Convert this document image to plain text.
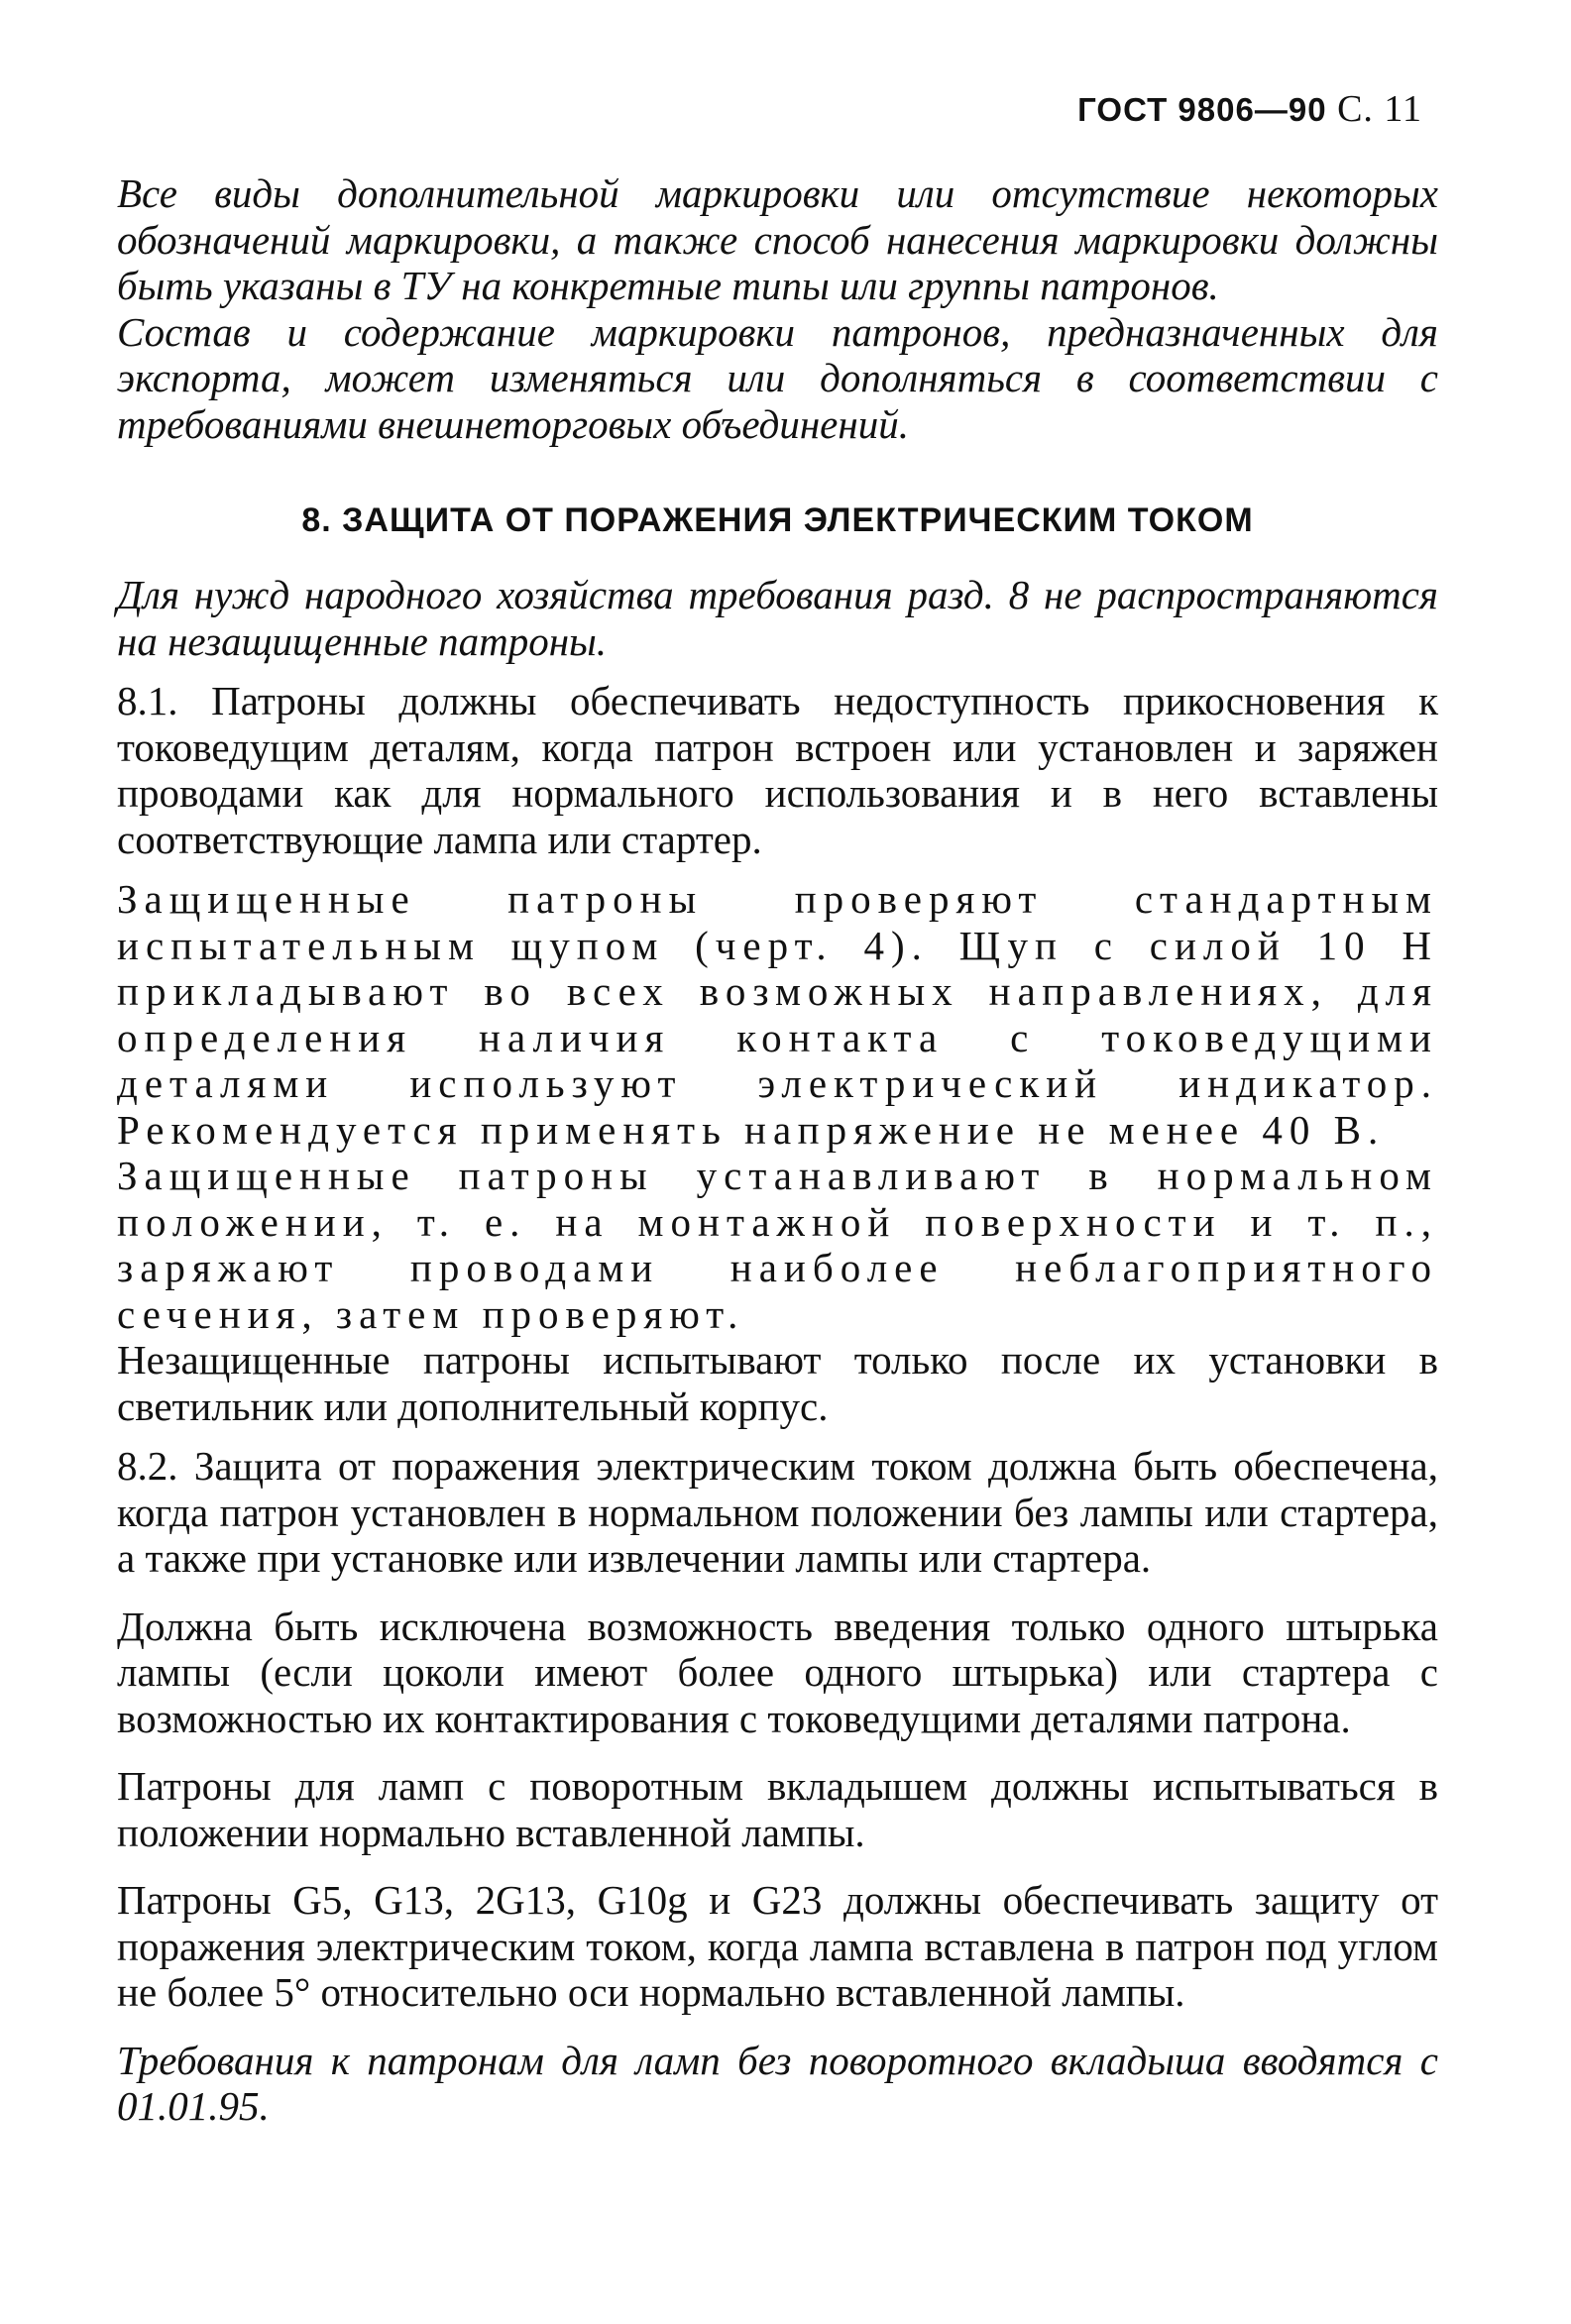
ГОСТ 9806—90 С. 11

Все виды дополнительной маркировки или отсутствие некоторых обозначений маркировки, а также способ нанесения маркировки должны быть указаны в ТУ на конкретные типы или группы патронов.

Состав и содержание маркировки патронов, предназначенных для экспорта, может изменяться или дополняться в соответствии с требованиями внешнеторговых объединений.

8. ЗАЩИТА ОТ ПОРАЖЕНИЯ ЭЛЕКТРИЧЕСКИМ ТОКОМ

Для нужд народного хозяйства требования разд. 8 не распространяются на незащищенные патроны.

8.1. Патроны должны обеспечивать недоступность прикосновения к токоведущим деталям, когда патрон встроен или установлен и заряжен проводами как для нормального использования и в него вставлены соответствующие лампа или стартер.

Защищенные патроны проверяют стандартным испытательным щупом (черт. 4). Щуп с силой 10 Н прикладывают во всех возможных направлениях, для определения наличия контакта с токоведущими деталями используют электрический индикатор. Рекомендуется применять напряжение не менее 40 В.

Защищенные патроны устанавливают в нормальном положении, т. е. на монтажной поверхности и т. п., заряжают проводами наиболее неблагоприятного сечения, затем проверяют.

Незащищенные патроны испытывают только после их установки в светильник или дополнительный корпус.

8.2. Защита от поражения электрическим током должна быть обеспечена, когда патрон установлен в нормальном положении без лампы или стартера, а также при установке или извлечении лампы или стартера.

Должна быть исключена возможность введения только одного штырька лампы (если цоколи имеют более одного штырька) или стартера с возможностью их контактирования с токоведущими деталями патрона.

Патроны для ламп с поворотным вкладышем должны испытываться в положении нормально вставленной лампы.

Патроны G5, G13, 2G13, G10g и G23 должны обеспечивать защиту от поражения электрическим током, когда лампа вставлена в патрон под углом не более 5° относительно оси нормально вставленной лампы.

Требования к патронам для ламп без поворотного вкладыша вводятся с 01.01.95.
